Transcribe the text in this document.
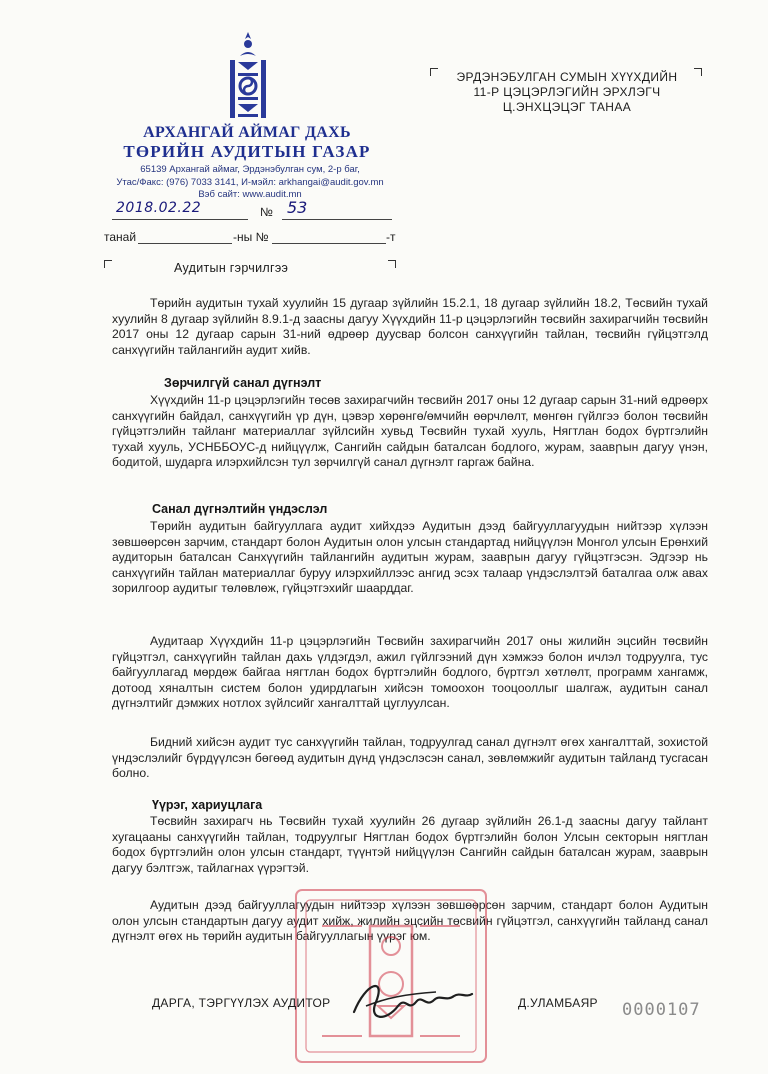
АРХАНГАЙ АЙМАГ ДАХЬ
ТӨРИЙН АУДИТЫН ГАЗАР
65139 Архангай аймаг, Эрдэнэбулган сум, 2-р баг,
Утас/Факс: (976) 7033 3141, И-мэйл: arkhangai@audit.gov.mn
Вэб сайт: www.audit.mn
ЭРДЭНЭБУЛГАН СУМЫН ХҮҮХДИЙН
11-Р ЦЭЦЭРЛЭГИЙН ЭРХЛЭГЧ
Ц.ЭНХЦЭЦЭГ ТАНАА
2018.02.22	№ 53
танай	-ны №	-т
Аудитын гэрчилгээ
Төрийн аудитын тухай хуулийн 15 дугаар зүйлийн 15.2.1, 18 дугаар зүйлийн 18.2, Төсвийн тухай хуулийн 8 дугаар зүйлийн 8.9.1-д заасны дагуу Хүүхдийн 11-р цэцэрлэгийн төсвийн захирагчийн төсвийн 2017 оны 12 дугаар сарын 31-ний өдрөөр дуусвар болсон санхүүгийн тайлан, төсвийн гүйцэтгэлд санхүүгийн тайлангийн аудит хийв.
Зөрчилгүй санал дүгнэлт
Хүүхдийн 11-р цэцэрлэгийн төсөв захирагчийн төсвийн 2017 оны 12 дугаар сарын 31-ний өдрөөрх санхүүгийн байдал, санхүүгийн үр дүн, цэвэр хөрөнгө/өмчийн өөрчлөлт, мөнгөн гүйлгээ болон төсвийн гүйцэтгэлийн тайланг материаллаг зүйлсийн хувьд Төсвийн тухай хууль, Нягтлан бодох бүртгэлийн тухай хууль, УСНББОУС-д нийцүүлж, Сангийн сайдын баталсан бодлого, журам, заавրын дагуу үнэн, бодитой, шударга илэрхийлсэн тул зөрчилгүй санал дүгнэлт гаргаж байна.
Санал дүгнэлтийн үндэслэл
Төрийн аудитын байгууллага аудит хийхдээ Аудитын дээд байгууллагуудын нийтээр хүлээн зөвшөөрсөн зарчим, стандарт болон Аудитын олон улсын стандартад нийцүүлэн Монгол улсын Ерөнхий аудиторын баталсан Санхүүгийн тайлангийн аудитын журам, заавրын дагуу гүйцэтгэсэн. Эдгээр нь санхүүгийн тайлан материаллаг буруу илэрхийллээс ангид эсэх талаар үндэслэлтэй баталгаа олж авах зорилгоор аудитыг төлөвлөж, гүйцэтгэхийг шаарддаг.
Аудитаар Хүүхдийн 11-р цэцэрлэгийн Төсвийн захирагчийн 2017 оны жилийн эцсийн төсвийн гүйцэтгэл, санхүүгийн тайлан дахь үлдэгдэл, ажил гүйлгээний дүн хэмжээ болон ичлэл тодруулга, тус байгууллагад мөрдөж байгаа нягтлан бодох бүртгэлийн бодлого, бүртгэл хөтлөлт, программ хангамж, дотоод хяналтын систем болон удирдлагын хийсэн томоохон тооцооллыг шалгаж, аудитын санал дүгнэлтийг дэмжих нотлох зүйлсийг хангалттай цуглуулсан.
Бидний хийсэн аудит тус санхүүгийн тайлан, тодруулгад санал дүгнэлт өгөх хангалттай, зохистой үндэслэлийг бүрдүүлсэн бөгөөд аудитын дүнд үндэслэсэн санал, зөвлөмжийг аудитын тайланд тусгасан болно.
Үүрэг, хариуцлага
Төсвийн захирагч нь Төсвийн тухай хуулийн 26 дугаар зүйлийн 26.1-д заасны дагуу тайлант хугацааны санхүүгийн тайлан, тодруулгыг Нягтлан бодох бүртгэлийн болон Улсын секторын нягтлан бодох бүртгэлийн олон улсын стандарт, түүнтэй нийцүүлэн Сангийн сайдын баталсан журам, зааврын дагуу бэлтгэж, тайлагнах үүрэгтэй.
Аудитын дээд байгууллагуудын нийтээр хүлээн зөвшөөрсөн зарчим, стандарт болон Аудитын олон улсын стандартын дагуу аудит хийж, жилийн эцсийн төсвийн гүйцэтгэл, санхүүгийн тайланд санал дүгнэлт өгөх нь төрийн аудитын байгууллагын үүрэг юм.
ДАРГА, ТЭРГҮҮЛЭХ АУДИТОР	Д.УЛАМБАЯР 0000107
